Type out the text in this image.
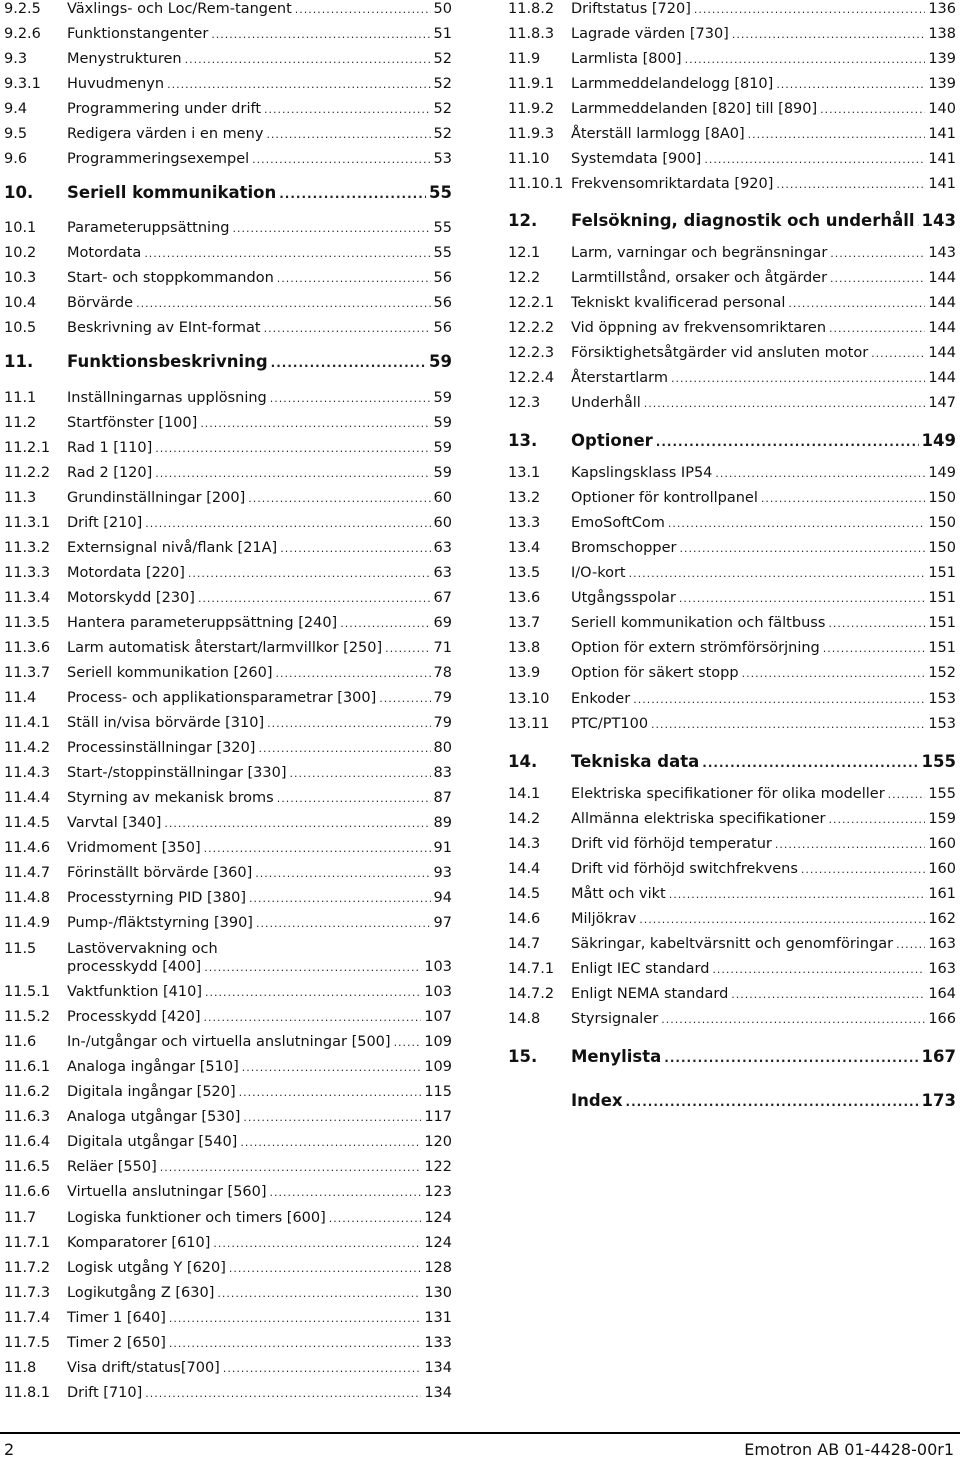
9.2.5 Växlings- och Loc/Rem-tangent .....	50
9.2.6 Funktionstangenter .....	51
9.3	Menystrukturen .....	52
9.3.1 Huvudmenyn .....	52
9.4	Programmering under drift .....	52
9.5	Redigera värden i en meny .....	52
9.6	Programmeringsexempel .....	53
10. Seriell kommunikation .....	55
10.1 Parameteruppsättning .....	55
10.2 Motordata .....	55
10.3 Start- och stoppkommandon .....	56
10.4 Börvärde .....	56
10.5 Beskrivning av EInt-format .....	56
11. Funktionsbeskrivning .....	59
11.1 Inställningarnas upplösning .....	59
11.2 Startfönster [100] .....	59
11.2.1 Rad 1 [110] .....	59
11.2.2 Rad 2 [120] .....	59
11.3 Grundinställningar [200] .....	60
11.3.1 Drift [210] .....	60
11.3.2 Externsignal nivå/flank [21A] .....	63
11.3.3 Motordata [220] .....	63
11.3.4 Motorskydd [230] .....	67
11.3.5 Hantera parameteruppsättning [240] .....	69
11.3.6 Larm automatisk återstart/larmvillkor [250] .....	71
11.3.7 Seriell kommunikation [260] .....	78
11.4 Process- och applikationsparametrar [300] .....	79
11.4.1 Ställ in/visa börvärde [310] .....	79
11.4.2 Processinställningar [320] .....	80
11.4.3 Start-/stoppinställningar [330] .....	83
11.4.4 Styrning av mekanisk broms .....	87
11.4.5 Varvtal [340] .....	89
11.4.6 Vridmoment [350] .....	91
11.4.7 Förinställt börvärde [360] .....	93
11.4.8 Processtyrning PID [380] .....	94
11.4.9 Pump-/fläktstyrning [390] .....	97
11.5 Lastövervakning och
processkydd [400] .....	103
11.5.1 Vaktfunktion [410] .....	103
11.5.2 Processkydd [420] .....	107
11.6 In-/utgångar och virtuella anslutningar [500] ..... 109
11.6.1 Analoga ingångar [510] .....	109
11.6.2 Digitala ingångar [520] .....	115
11.6.3 Analoga utgångar [530] .....	117
11.6.4 Digitala utgångar [540] .....	120
11.6.5 Reläer [550] .....	122
11.6.6 Virtuella anslutningar [560] .....	123
11.7 Logiska funktioner och timers [600] .....	124
11.7.1 Komparatorer [610] .....	124
11.7.2 Logisk utgång Y [620] .....	128
11.7.3 Logikutgång Z [630] .....	130
11.7.4 Timer 1 [640] .....	131
11.7.5 Timer 2 [650] .....	133
11.8 Visa drift/status[700] .....	134
11.8.1 Drift [710] .....	134
11.8.2 Driftstatus [720] .....	136
11.8.3 Lagrade värden [730] .....	138
11.9 Larmlista [800] .....	139
11.9.1 Larmmeddelandelogg [810] .....	139
11.9.2 Larmmeddelanden [820] till [890] .....	140
11.9.3 Återställ larmlogg [8A0] .....	141
11.10 Systemdata [900] .....	141
11.10.1 Frekvensomriktardata [920] .....	141
12. Felsökning, diagnostik och underhåll ..... 143
12.1 Larm, varningar och begränsningar .....	143
12.2 Larmtillstånd, orsaker och åtgärder .....	144
12.2.1 Tekniskt kvalificerad personal .....	144
12.2.2 Vid öppning av frekvensomriktaren .....	144
12.2.3 Försiktighetsåtgärder vid ansluten motor .....	144
12.2.4 Återstartlarm .....	144
12.3 Underhåll .....	147
13. Optioner .....	149
13.1 Kapslingsklass IP54 .....	149
13.2 Optioner för kontrollpanel .....	150
13.3 EmoSoftCom .....	150
13.4 Bromschopper .....	150
13.5 I/O-kort .....	151
13.6 Utgångsspolar .....	151
13.7 Seriell kommunikation och fältbuss .....	151
13.8 Option för extern strömförsörjning .....	151
13.9 Option för säkert stopp .....	152
13.10 Enkoder .....	153
13.11 PTC/PT100 .....	153
14. Tekniska data .....	155
14.1 Elektriska specifikationer för olika modeller .....	155
14.2 Allmänna elektriska specifikationer .....	159
14.3 Drift vid förhöjd temperatur .....	160
14.4 Drift vid förhöjd switchfrekvens .....	160
14.5 Mått och vikt .....	161
14.6 Miljökrav .....	162
14.7 Säkringar, kabeltvärsnitt och genomföringar ..... 163
14.7.1 Enligt IEC standard .....	163
14.7.2 Enligt NEMA standard .....	164
14.8 Styrsignaler .....	166
15. Menylista .....	167
Index .....	173
2	Emotron AB 01-4428-00r1
